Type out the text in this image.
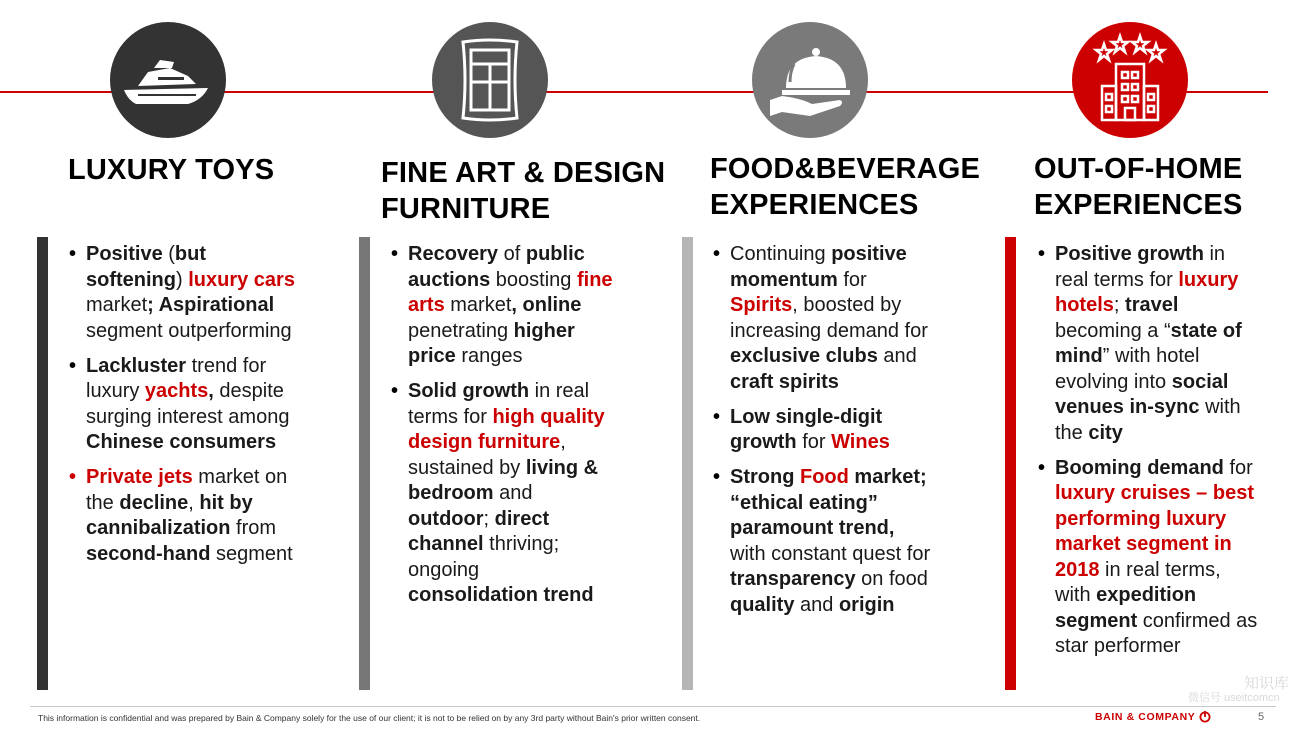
LUXURY TOYS	FINE ART & DESIGN
FURNITURE
FOOD&BEVERAGE
EXPERIENCES
OUT-OF-HOME
EXPERIENCES
• Positive (but softening) luxury cars market; Aspirational segment outperforming
• Lackluster trend for luxury yachts, despite surging interest among Chinese consumers
• Private jets market on the decline, hit by cannibalization from second-hand segment
• Recovery of public auctions boosting fine arts market, online penetrating higher price ranges
• Solid growth in real terms for high quality design furniture, sustained by living & bedroom and outdoor; direct channel thriving; ongoing consolidation trend
• Continuing positive momentum for Spirits, boosted by increasing demand for exclusive clubs and craft spirits
• Low single-digit growth for Wines
• Strong Food market; “ethical eating” paramount trend, with constant quest for transparency on food quality and origin
• Positive growth in real terms for luxury hotels; travel becoming a “state of mind” with hotel evolving into social venues in-sync with the city
• Booming demand for luxury cruises – best performing luxury market segment in 2018 in real terms, with expedition segment confirmed as star performer
This information is confidential and was prepared by Bain & Company solely for the use of our client; it is not to be relied on by any 3rd party without Bain's prior written consent.
知识库
微信号 useitcomcn
BAIN & COMPANY	5
